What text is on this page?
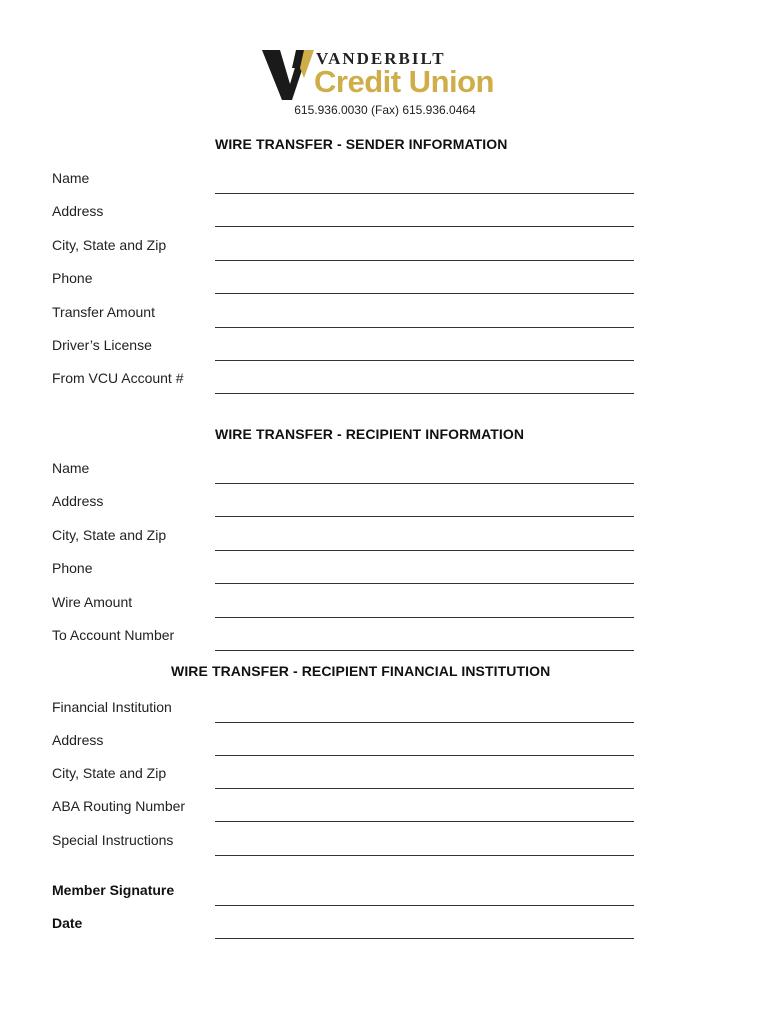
VANDERBILT
Credit Union
615.936.0030 (Fax) 615.936.0464
WIRE TRANSFER - SENDER INFORMATION
Name
Address
City, State and Zip
Phone
Transfer Amount
Driver’s License
From VCU Account #
WIRE TRANSFER - RECIPIENT INFORMATION
Name
Address
City, State and Zip
Phone
Wire Amount
To Account Number
WIRE TRANSFER - RECIPIENT FINANCIAL INSTITUTION
Financial Institution
Address
City, State and Zip
ABA Routing Number
Special Instructions
Member Signature
Date
